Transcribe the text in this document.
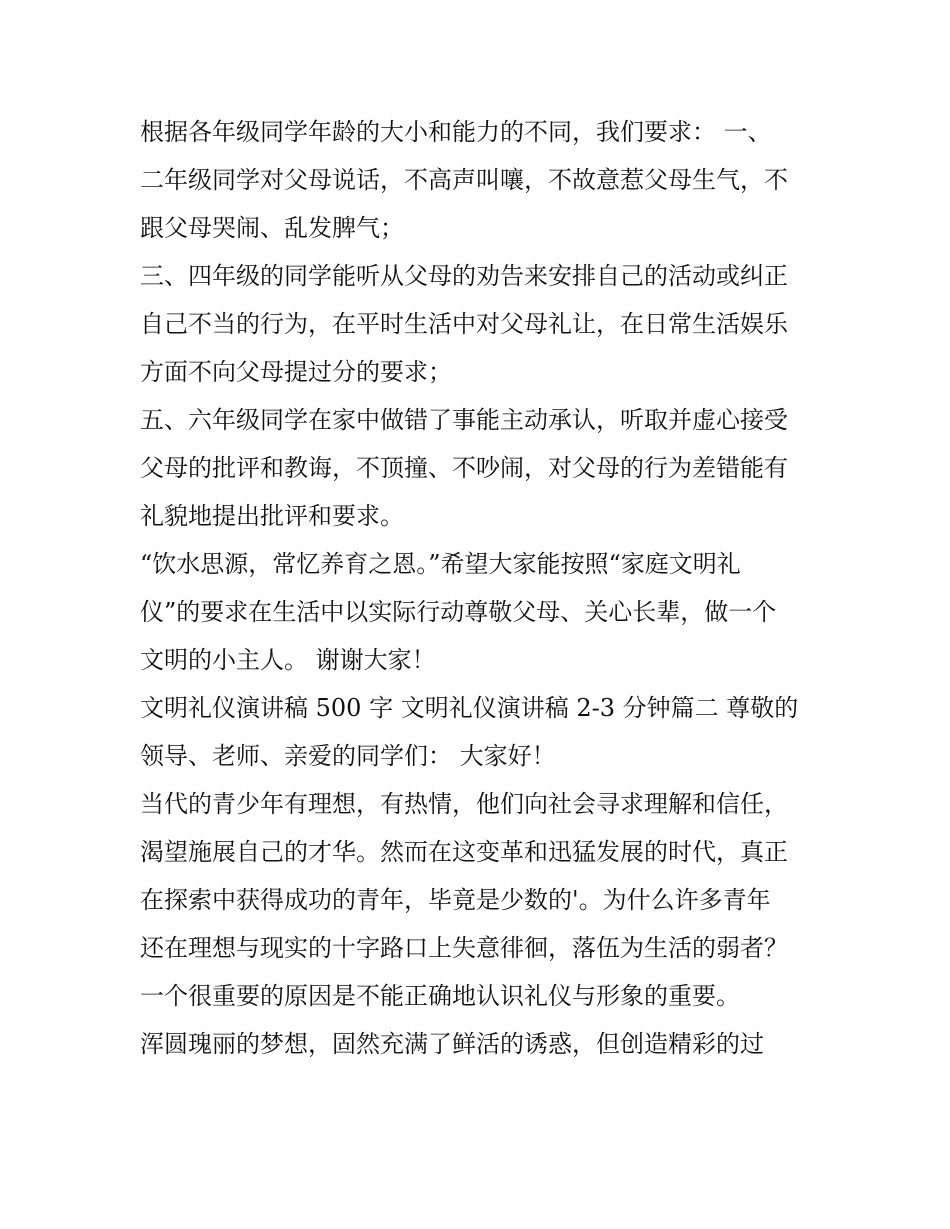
根据各年级同学年龄的大小和能力的不同，我们要求： 一、
二年级同学对父母说话，不高声叫嚷，不故意惹父母生气，不
跟父母哭闹、乱发脾气；
三、四年级的同学能听从父母的劝告来安排自己的活动或纠正
自己不当的行为，在平时生活中对父母礼让，在日常生活娱乐
方面不向父母提过分的要求；
五、六年级同学在家中做错了事能主动承认，听取并虚心接受
父母的批评和教诲，不顶撞、不吵闹，对父母的行为差错能有
礼貌地提出批评和要求。
“饮水思源，常忆养育之恩。”希望大家能按照“家庭文明礼
仪”的要求在生活中以实际行动尊敬父母、关心长辈，做一个
文明的小主人。 谢谢大家！
文明礼仪演讲稿 500 字 文明礼仪演讲稿 2-3 分钟篇二 尊敬的
领导、老师、亲爱的同学们： 大家好！
当代的青少年有理想，有热情，他们向社会寻求理解和信任，
渴望施展自己的才华。然而在这变革和迅猛发展的时代，真正
在探索中获得成功的青年，毕竟是少数的'。为什么许多青年
还在理想与现实的十字路口上失意徘徊，落伍为生活的弱者？
一个很重要的原因是不能正确地认识礼仪与形象的重要。
浑圆瑰丽的梦想，固然充满了鲜活的诱惑，但创造精彩的过
